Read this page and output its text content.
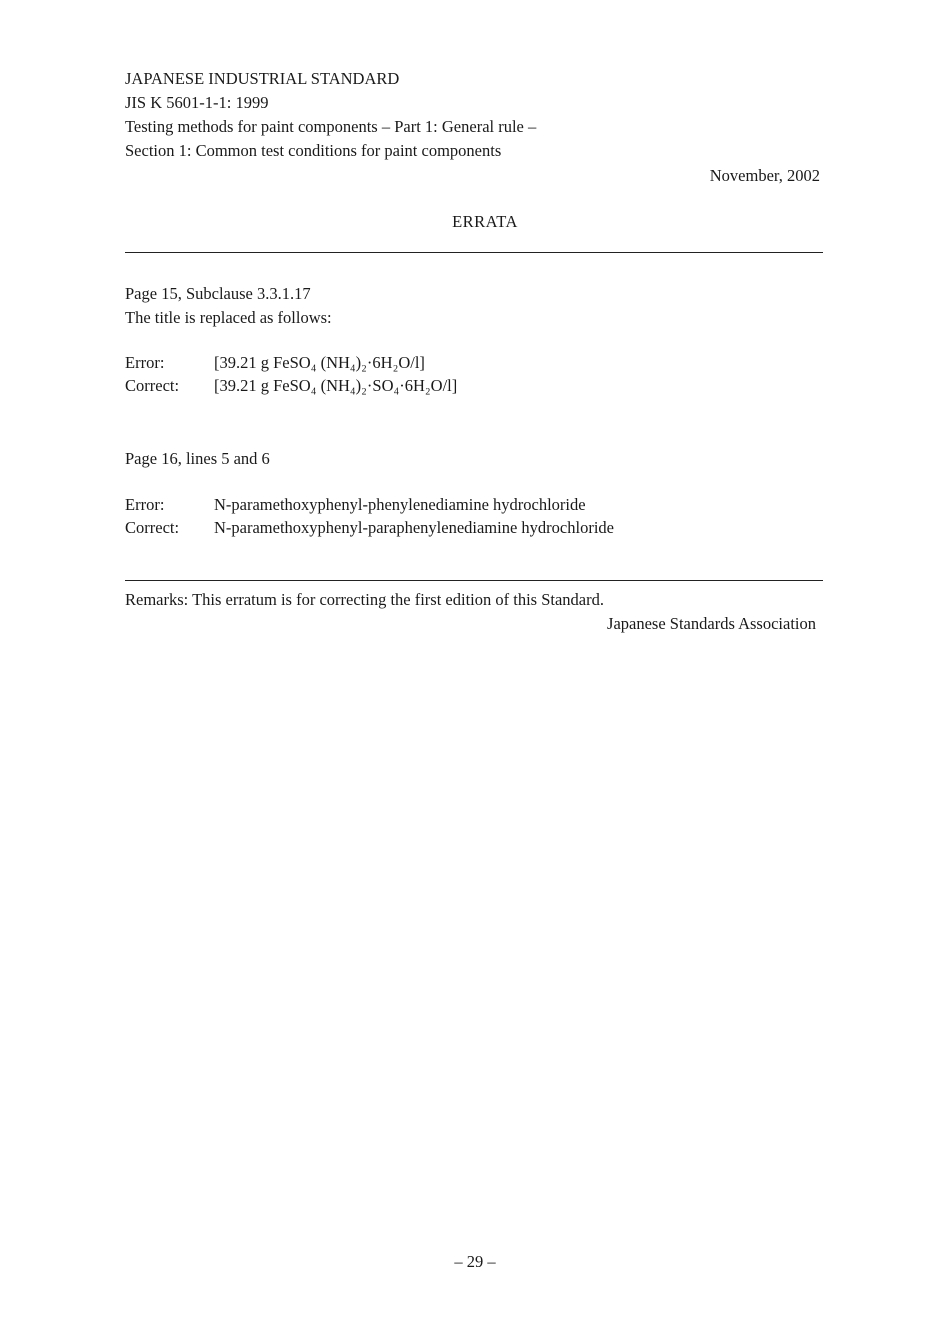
JAPANESE INDUSTRIAL STANDARD
JIS K 5601-1-1: 1999
Testing methods for paint components – Part 1: General rule –
Section 1: Common test conditions for paint components
November, 2002
ERRATA
Page 15, Subclause 3.3.1.17
The title is replaced as follows:
Error:	[39.21 g FeSO₄ (NH₄)₂·6H₂O/l]
Correct:	[39.21 g FeSO₄ (NH₄)₂·SO₄·6H₂O/l]
Page 16, lines 5 and 6
Error:	N-paramethoxyphenyl-phenylenediamine hydrochloride
Correct:	N-paramethoxyphenyl-paraphenylenediamine hydrochloride
Remarks: This erratum is for correcting the first edition of this Standard.
Japanese Standards Association
– 29 –
